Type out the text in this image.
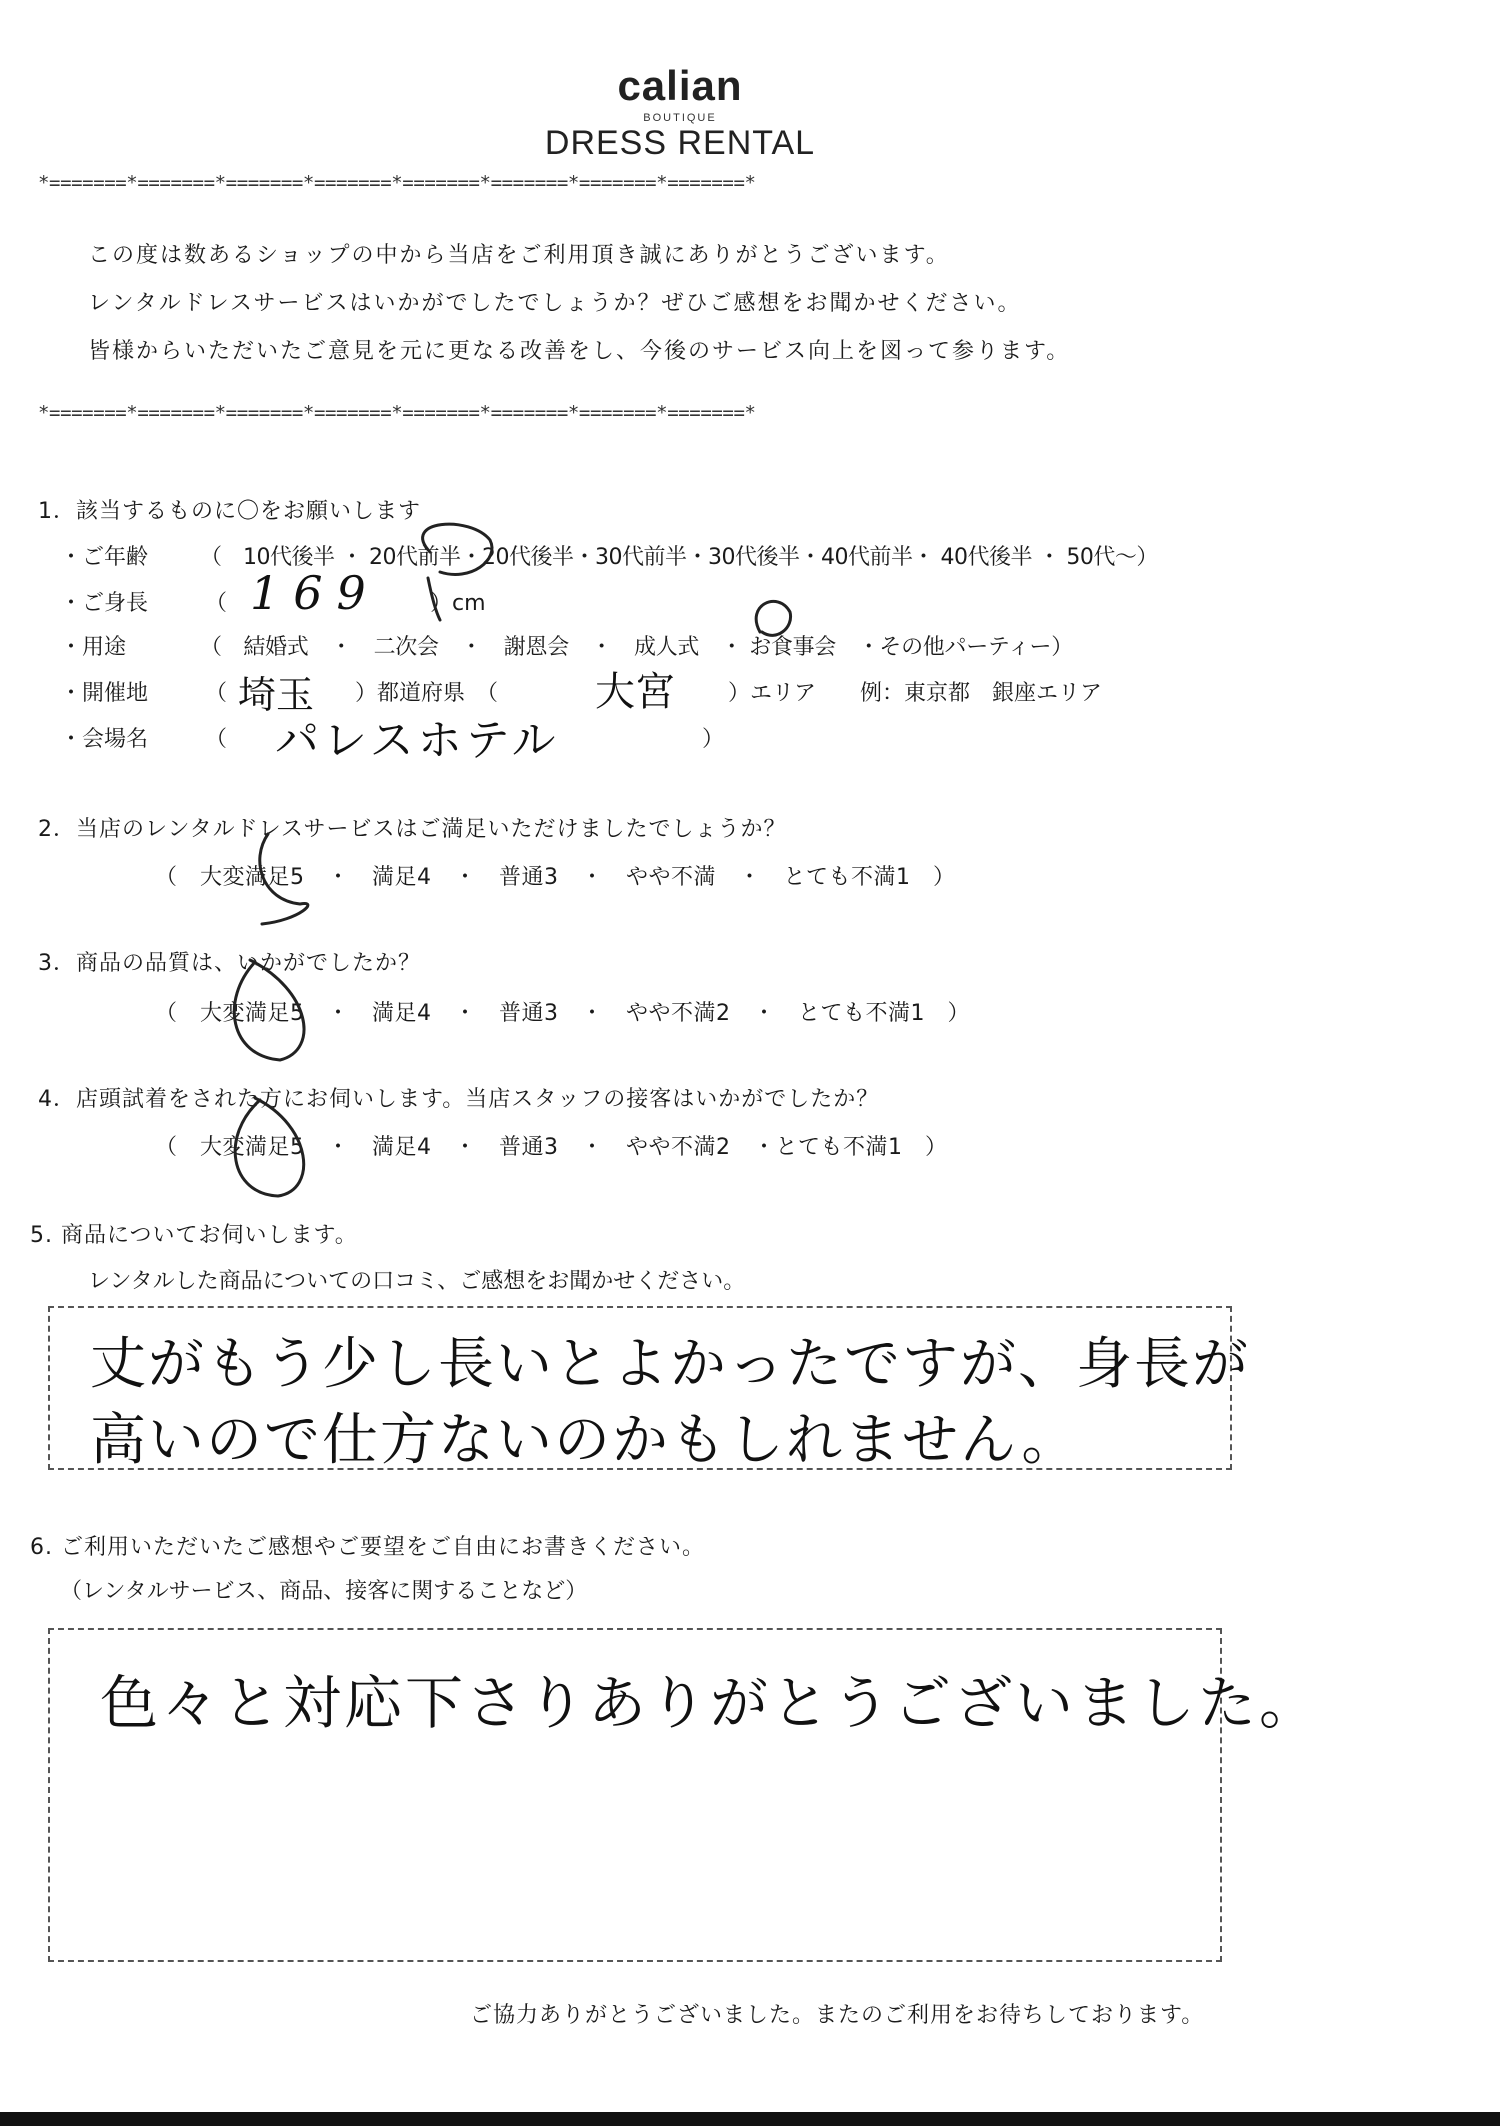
calian
BOUTIQUE
DRESS RENTAL
*=======*=======*=======*=======*=======*=======*=======*=======*
この度は数あるショップの中から当店をご利用頂き誠にありがとうございます。
レンタルドレスサービスはいかがでしたでしょうか？ぜひご感想をお聞かせください。
皆様からいただいたご意見を元に更なる改善をし、今後のサービス向上を図って参ります。
*=======*=======*=======*=======*=======*=======*=======*=======*
1．該当するものに〇をお願いします
・ご年齢 （　10代後半 ・ 20代前半・20代後半・30代前半・30代後半・40代前半・ 40代後半 ・ 50代～）
・ご身長	（ 169 ）cm
・用途	（　結婚式　・　二次会　・　謝恩会　・　成人式　・ お食事会　・その他パーティー）
・開催地	（ 埼玉 ）都道府県　（ 大宮 ）エリア　　例：東京都　銀座エリア
・会場名	（ パレスホテル	）
2．当店のレンタルドレスサービスはご満足いただけましたでしょうか？
（　大変満足5　・　満足4　・　普通3　・　やや不満　・　とても不満1　）
3．商品の品質は、いかがでしたか？
（　大変満足5　・　満足4　・　普通3　・　やや不満2　・　とても不満1　）
4．店頭試着をされた方にお伺いします。当店スタッフの接客はいかがでしたか？
（　大変満足5　・　満足4　・　普通3　・　やや不満2　・とても不満1　）
5. 商品についてお伺いします。
レンタルした商品についての口コミ、ご感想をお聞かせください。
丈がもう少し長いとよかったですが、身長が
高いので仕方ないのかもしれません。
6. ご利用いただいたご感想やご要望をご自由にお書きください。
（レンタルサービス、商品、接客に関することなど）
色々と対応下さりありがとうございました。
ご協力ありがとうございました。またのご利用をお待ちしております。
